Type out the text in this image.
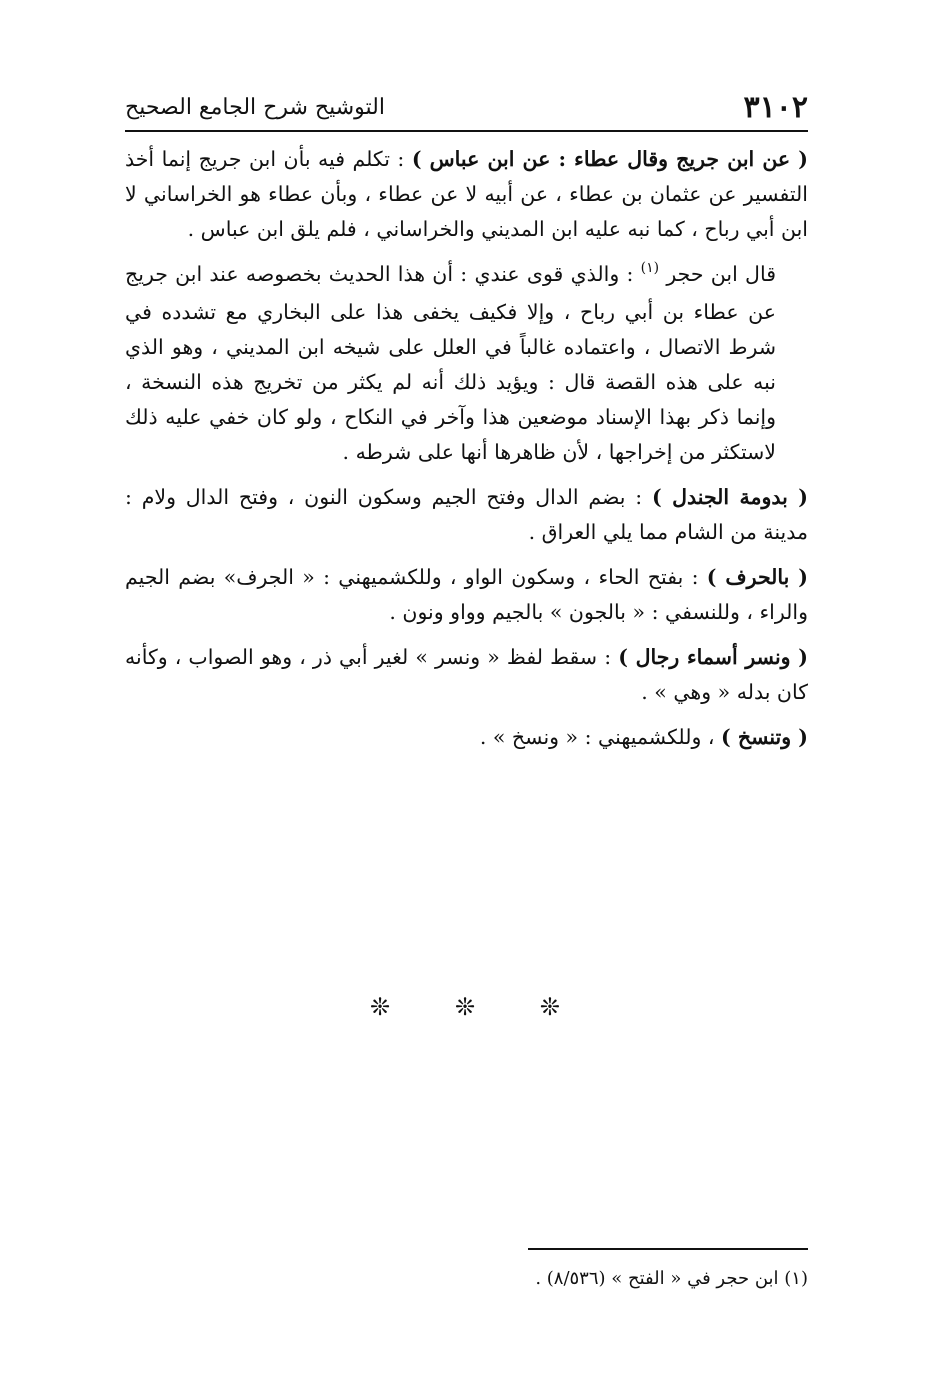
٣١٠٢
التوشيح شرح الجامع الصحيح

( عن ابن جريج وقال عطاء : عن ابن عباس ) : تكلم فيه بأن ابن جريج إنما أخذ التفسير عن عثمان بن عطاء ، عن أبيه لا عن عطاء ، وبأن عطاء هو الخراساني لا ابن أبي رباح ، كما نبه عليه ابن المديني والخراساني ، فلم يلق ابن عباس .

قال ابن حجر $^{(١)}$ : والذي قوى عندي : أن هذا الحديث بخصوصه عند ابن جريج عن عطاء بن أبي رباح ، وإلا فكيف يخفى هذا على البخاري مع تشدده في شرط الاتصال ، واعتماده غالباً في العلل على شيخه ابن المديني ، وهو الذي نبه على هذه القصة قال : ويؤيد ذلك أنه لم يكثر من تخريج هذه النسخة ، وإنما ذكر بهذا الإسناد موضعين هذا وآخر في النكاح ، ولو كان خفي عليه ذلك لاستكثر من إخراجها ، لأن ظاهرها أنها على شرطه .

( بدومة الجندل ) : بضم الدال وفتح الجيم وسكون النون ، وفتح الدال ولام : مدينة من الشام مما يلي العراق .

( بالحرف ) : بفتح الحاء ، وسكون الواو ، وللكشميهني : « الجرف» بضم الجيم والراء ، وللنسفي : « بالجون » بالجيم وواو ونون .

( ونسر أسماء رجال ) : سقط لفظ « ونسر » لغير أبي ذر ، وهو الصواب ، وكأنه كان بدله « وهي » .

( وتنسخ ) ، وللكشميهني : « ونسخ » .

❊	❊	❊
(١) ابن حجر في « الفتح » (٨/٥٣٦) .
